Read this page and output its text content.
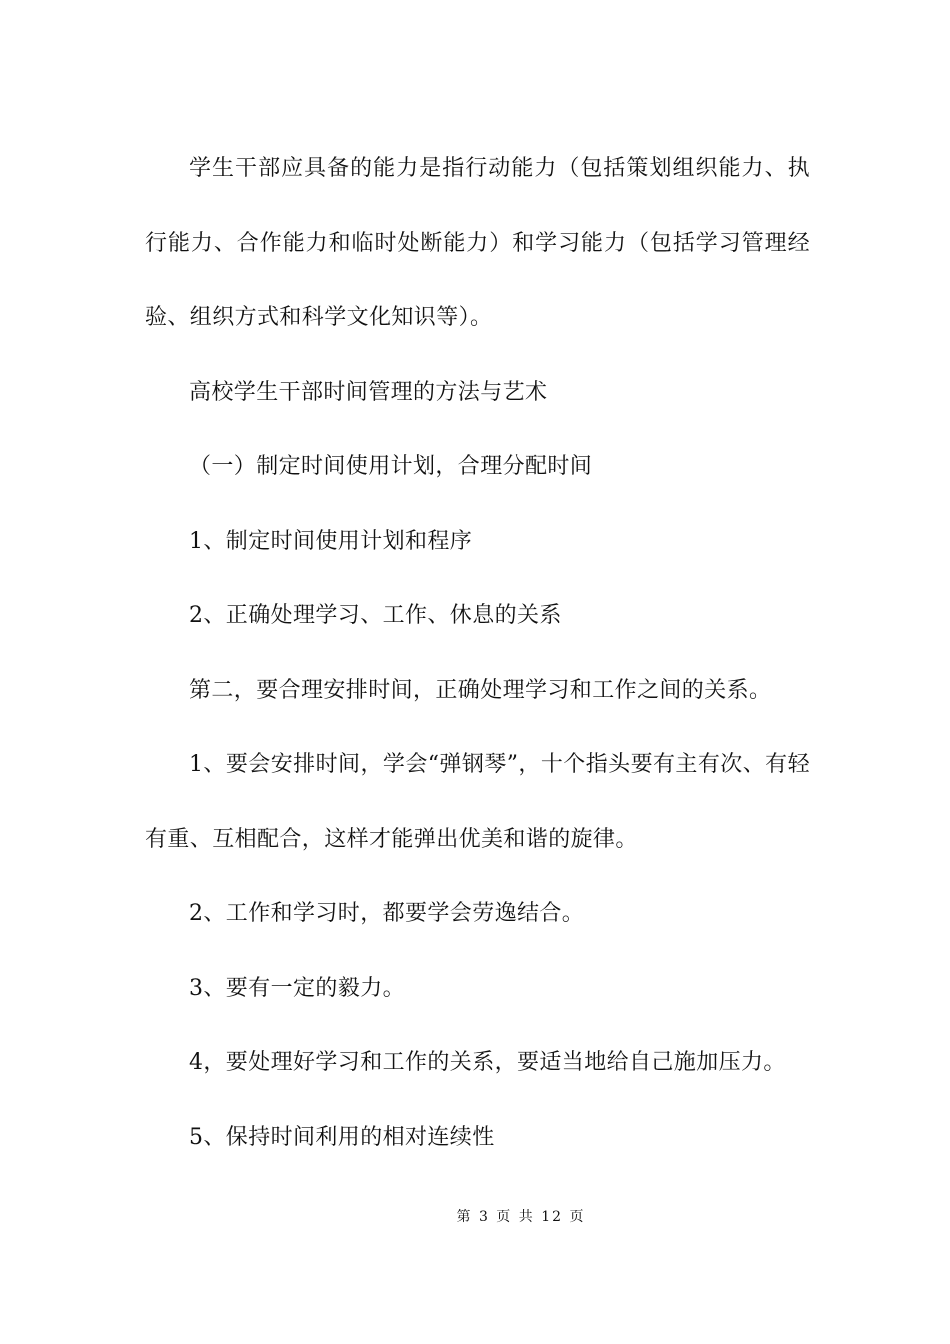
学生干部应具备的能力是指行动能力（包括策划组织能力、执行能力、合作能力和临时处断能力）和学习能力（包括学习管理经验、组织方式和科学文化知识等）。

高校学生干部时间管理的方法与艺术

（一）制定时间使用计划，合理分配时间

1、制定时间使用计划和程序

2、正确处理学习、工作、休息的关系

第二，要合理安排时间，正确处理学习和工作之间的关系。

1、要会安排时间，学会“弹钢琴”，十个指头要有主有次、有轻有重、互相配合，这样才能弹出优美和谐的旋律。

2、工作和学习时，都要学会劳逸结合。

3、要有一定的毅力。

4，要处理好学习和工作的关系，要适当地给自己施加压力。

5、保持时间利用的相对连续性

第 3 页 共 12 页
